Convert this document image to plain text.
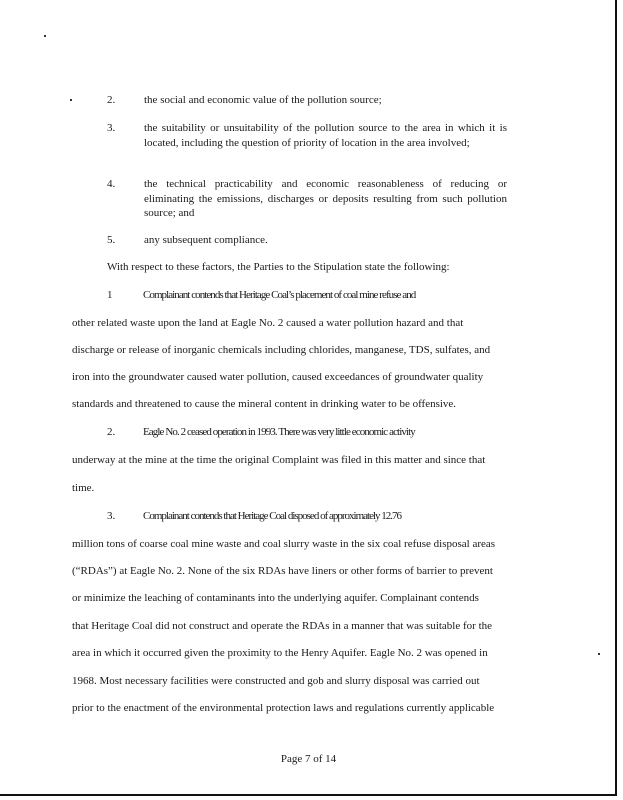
2.	the social and economic value of the pollution source;
3.	the suitability or unsuitability of the pollution source to the area in which it is located, including the question of priority of location in the area involved;
4.	the technical practicability and economic reasonableness of reducing or eliminating the emissions, discharges or deposits resulting from such pollution source; and
5.	any subsequent compliance.
With respect to these factors, the Parties to the Stipulation state the following:
1	Complainant contends that Heritage Coal’s placement of coal mine refuse and
other related waste upon the land at Eagle No. 2 caused a water pollution hazard and that
discharge or release of inorganic chemicals including chlorides, manganese, TDS, sulfates, and
iron into the groundwater caused water pollution, caused exceedances of groundwater quality
standards and threatened to cause the mineral content in drinking water to be offensive.
2.	Eagle No. 2 ceased operation in 1993. There was very little economic activity
underway at the mine at the time the original Complaint was filed in this matter and since that
time.
3.	Complainant contends that Heritage Coal disposed of approximately 12.76
million tons of coarse coal mine waste and coal slurry waste in the six coal refuse disposal areas
(“RDAs”) at Eagle No. 2. None of the six RDAs have liners or other forms of barrier to prevent
or minimize the leaching of contaminants into the underlying aquifer. Complainant contends
that Heritage Coal did not construct and operate the RDAs in a manner that was suitable for the
area in which it occurred given the proximity to the Henry Aquifer. Eagle No. 2 was opened in
1968. Most necessary facilities were constructed and gob and slurry disposal was carried out
prior to the enactment of the environmental protection laws and regulations currently applicable
Page 7 of 14
